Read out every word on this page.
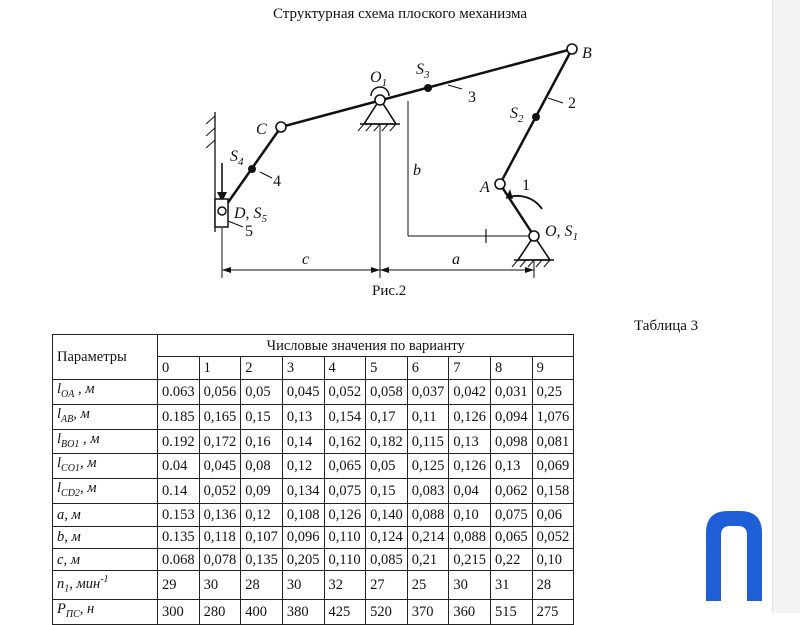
Структурная схема плоского механизма
$O_1$
$S_3$
B
C
A
$S_2$
$S_4$
D, $S_5$
O, $S_1$
3	2
1
4
5
b
c	a
Рис.2
Таблица 3
Параметры	Числовые значения по варианту									
	0	1	2	3	4	5	6	7	8	9
$l_{OA}$ , м	0.063	0,056	0,05	0,045	0,052	0,058	0,037	0,042	0,031	0,25
$l_{AB}$, м	0.185	0,165	0,15	0,13	0,154	0,17	0,11	0,126	0,094	1,076
$l_{BO1}$ , м	0.192	0,172	0,16	0,14	0,162	0,182	0,115	0,13	0,098	0,081
$l_{CO1}$, м	0.04	0,045	0,08	0,12	0,065	0,05	0,125	0,126	0,13	0,069
$l_{CD2}$, м	0.14	0,052	0,09	0,134	0,075	0,15	0,083	0,04	0,062	0,158
a, м	0.153	0,136	0,12	0,108	0,126	0,140	0,088	0,10	0,075	0,06
b, м	0.135	0,118	0,107	0,096	0,110	0,124	0,214	0,088	0,065	0,052
c, м	0.068	0,078	0,135	0,205	0,110	0,085	0,21	0,215	0,22	0,10
$n_1$, мин$^{-1}$	29	30	28	30	32	27	25	30	31	28
$P_{ПС}$, н	300	280	400	380	425	520	370	360	515	275
